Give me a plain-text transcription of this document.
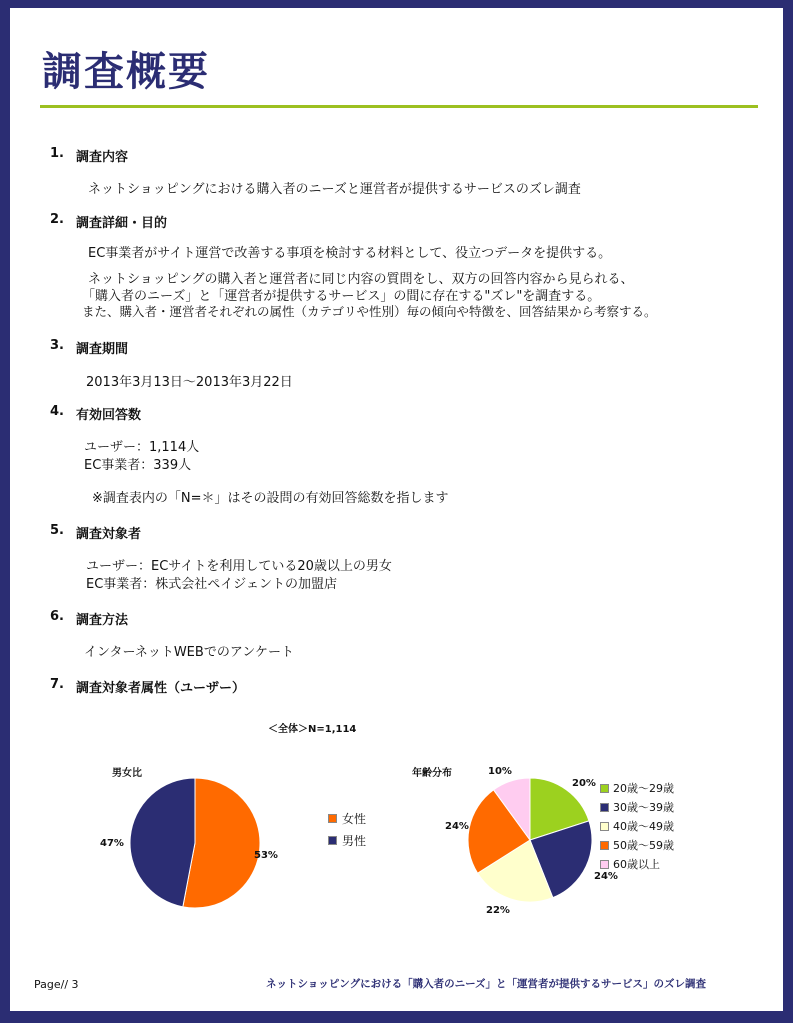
調査概要
1. 調査内容
ネットショッピングにおける購入者のニーズと運営者が提供するサービスのズレ調査
2. 調査詳細・目的
EC事業者がサイト運営で改善する事項を検討する材料として、役立つデータを提供する。
ネットショッピングの購入者と運営者に同じ内容の質問をし、双方の回答内容から見られる、
「購入者のニーズ」と「運営者が提供するサービス」の間に存在する"ズレ"を調査する。
また、購入者・運営者それぞれの属性（カテゴリや性別）毎の傾向や特徴を、回答結果から考察する。
3. 調査期間
2013年3月13日～2013年3月22日
4. 有効回答数
ユーザー：1,114人
EC事業者：339人
※調査表内の「N=＊」はその設問の有効回答総数を指します
5. 調査対象者
ユーザー：ECサイトを利用している20歳以上の男女
EC事業者：株式会社ペイジェントの加盟店
6. 調査方法
インターネットWEBでのアンケート
7. 調査対象者属性（ユーザー）
＜全体＞N=1,114
男女比
53%
47%
女性
男性
年齢分布
20%
24%
22%
24%
10%
20歳～29歳
30歳～39歳
40歳～49歳
50歳～59歳
60歳以上
Page// 3	ネットショッピングにおける「購入者のニーズ」と「運営者が提供するサービス」のズレ調査
